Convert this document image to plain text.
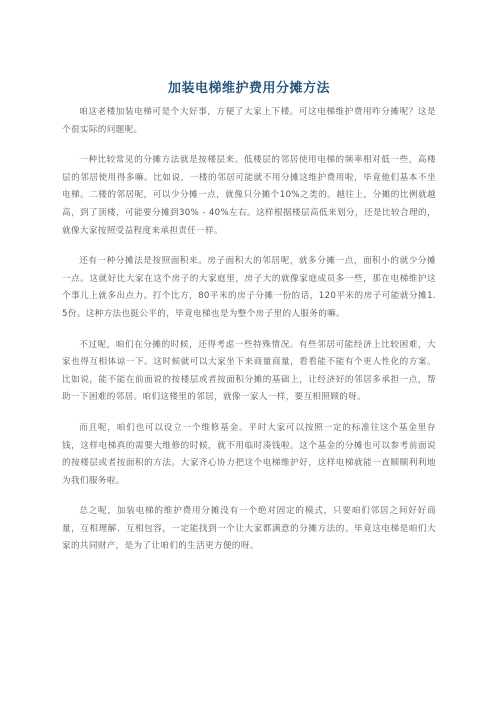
加装电梯维护费用分摊方法

咱这老楼加装电梯可是个大好事，方便了大家上下楼。可这电梯维护费用咋分摊呢？这是个很实际的问题呢。

一种比较常见的分摊方法就是按楼层来。低楼层的邻居使用电梯的频率相对低一些，高楼层的邻居使用得多嘛。比如说，一楼的邻居可能就不用分摊这维护费用啦，毕竟他们基本不坐电梯。二楼的邻居呢，可以少分摊一点，就像只分摊个10%之类的。越往上，分摊的比例就越高，到了顶楼，可能要分摊到30% - 40%左右。这样根据楼层高低来划分，还是比较合理的，就像大家按照受益程度来承担责任一样。

还有一种分摊法是按照面积来。房子面积大的邻居呢，就多分摊一点，面积小的就少分摊一点。这就好比大家在这个房子的大家庭里，房子大的就像家庭成员多一些，那在电梯维护这个事儿上就多出点力。打个比方，80平米的房子分摊一份的话，120平米的房子可能就分摊1.5份。这种方法也挺公平的，毕竟电梯也是为整个房子里的人服务的嘛。

不过呢，咱们在分摊的时候，还得考虑一些特殊情况。有些邻居可能经济上比较困难，大家也得互相体谅一下。这时候就可以大家坐下来商量商量，看看能不能有个更人性化的方案。比如说，能不能在前面说的按楼层或者按面积分摊的基础上，让经济好的邻居多承担一点，帮助一下困难的邻居。咱们这楼里的邻居，就像一家人一样，要互相照顾的呀。

而且呢，咱们也可以设立一个维修基金。平时大家可以按照一定的标准往这个基金里存钱，这样电梯真的需要大维修的时候，就不用临时凑钱啦。这个基金的分摊也可以参考前面说的按楼层或者按面积的方法。大家齐心协力把这个电梯维护好，这样电梯就能一直顺顺利利地为我们服务啦。

总之呢，加装电梯的维护费用分摊没有一个绝对固定的模式，只要咱们邻居之间好好商量，互相理解、互相包容，一定能找到一个让大家都满意的分摊方法的。毕竟这电梯是咱们大家的共同财产，是为了让咱们的生活更方便的呀。
